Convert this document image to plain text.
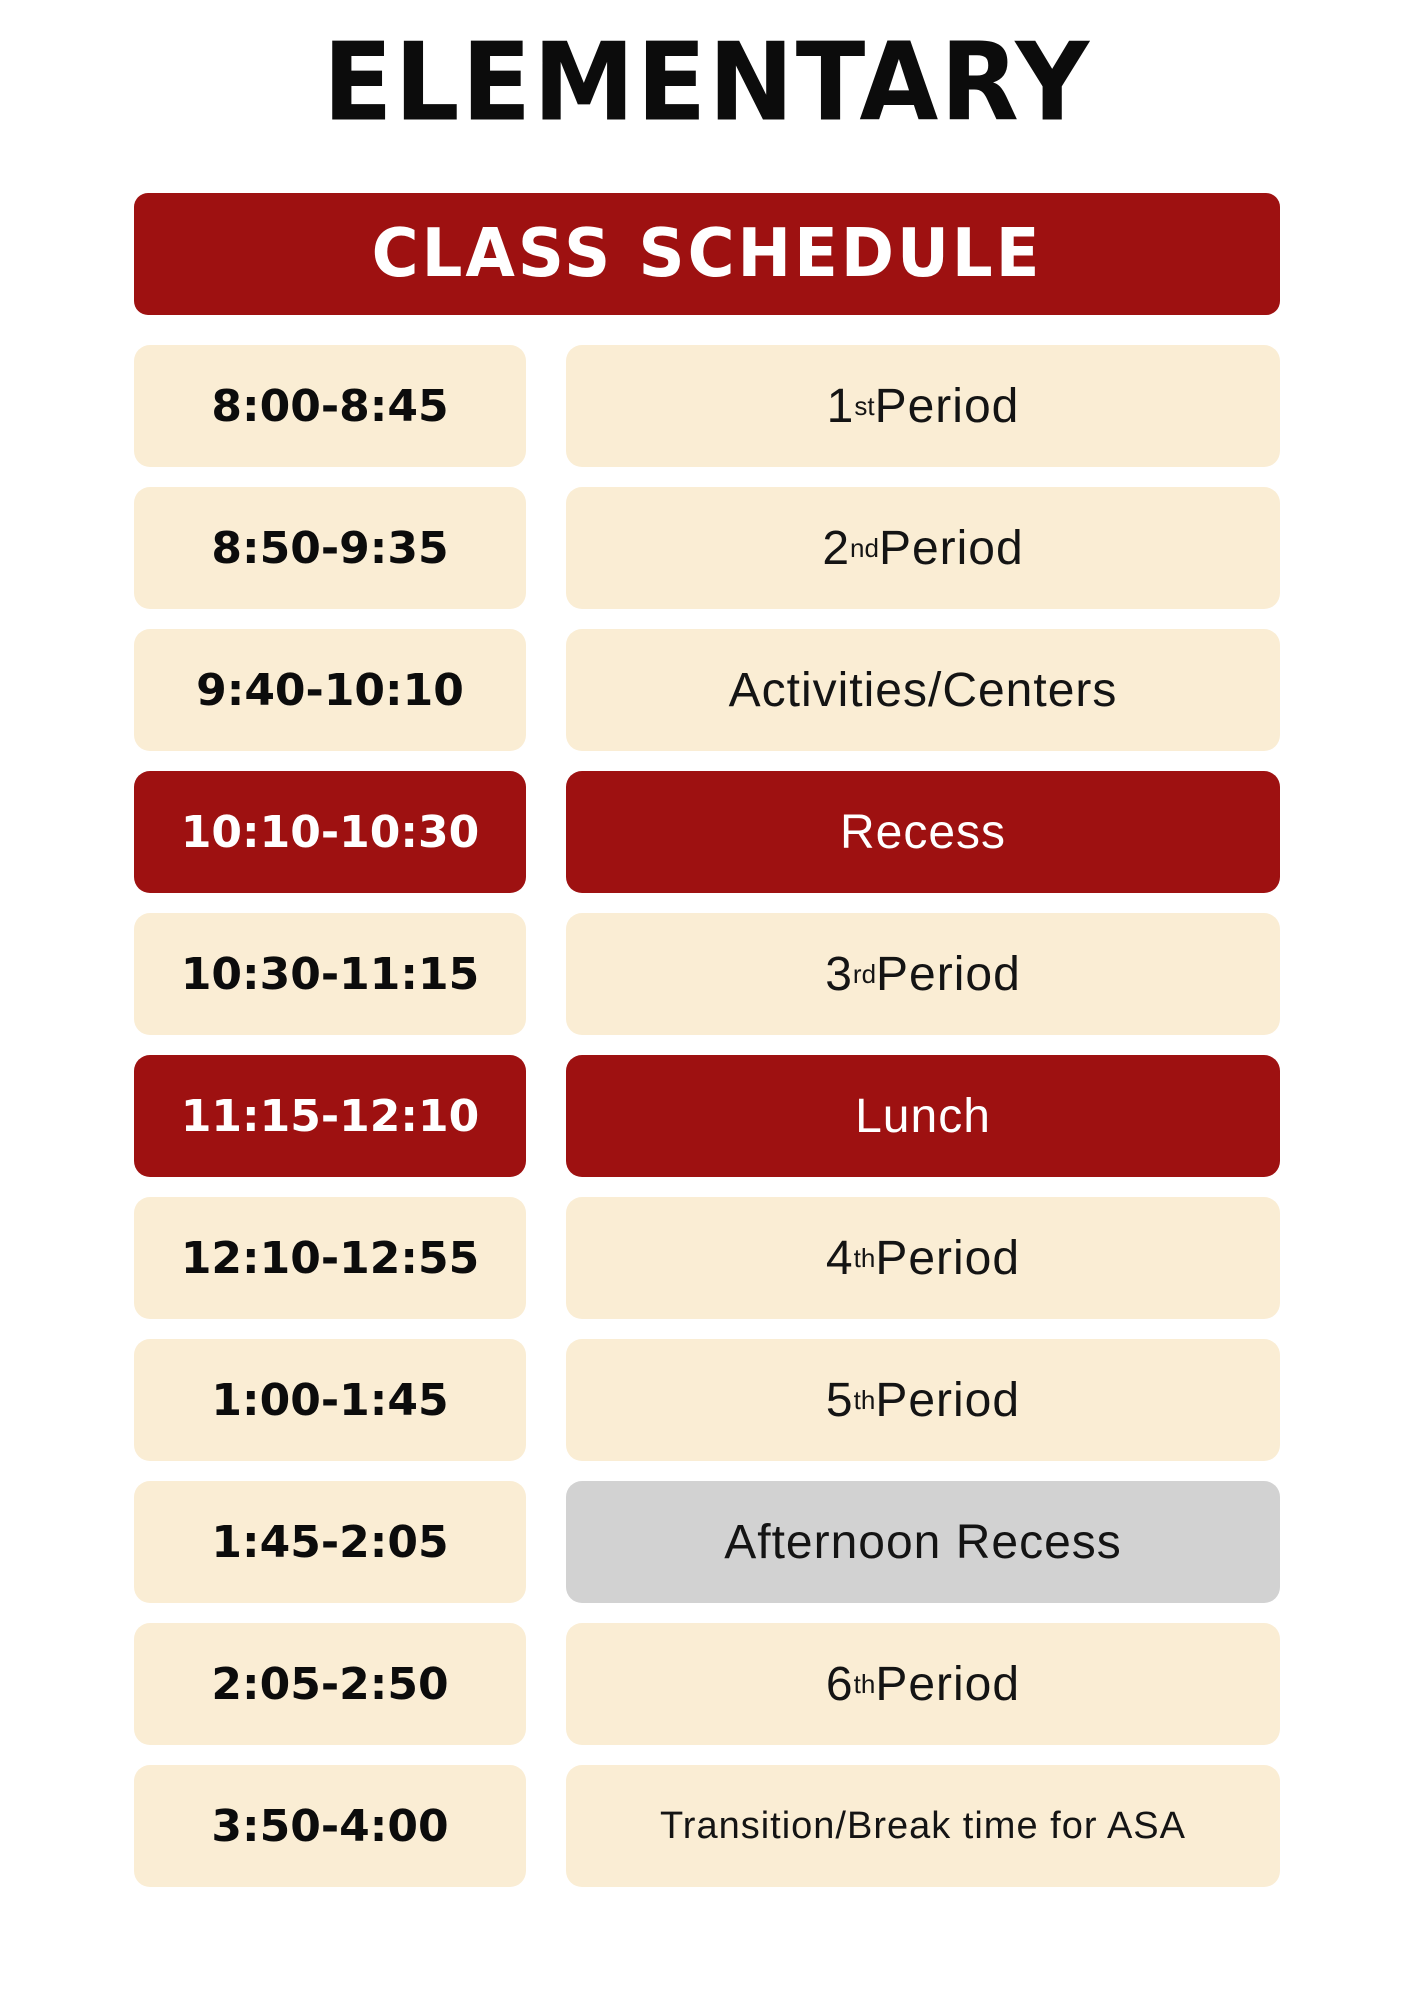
ELEMENTARY
CLASS SCHEDULE
8:00-8:45	1 st Period
8:50-9:35	2 nd Period
9:40-10:10	Activities/Centers
10:10-10:30	Recess
10:30-11:15	3 rd Period
11:15-12:10	Lunch
12:10-12:55	4 th Period
1:00-1:45	5 th Period
1:45-2:05	Afternoon Recess
2:05-2:50	6 th Period
3:50-4:00	Transition/Break time for ASA
